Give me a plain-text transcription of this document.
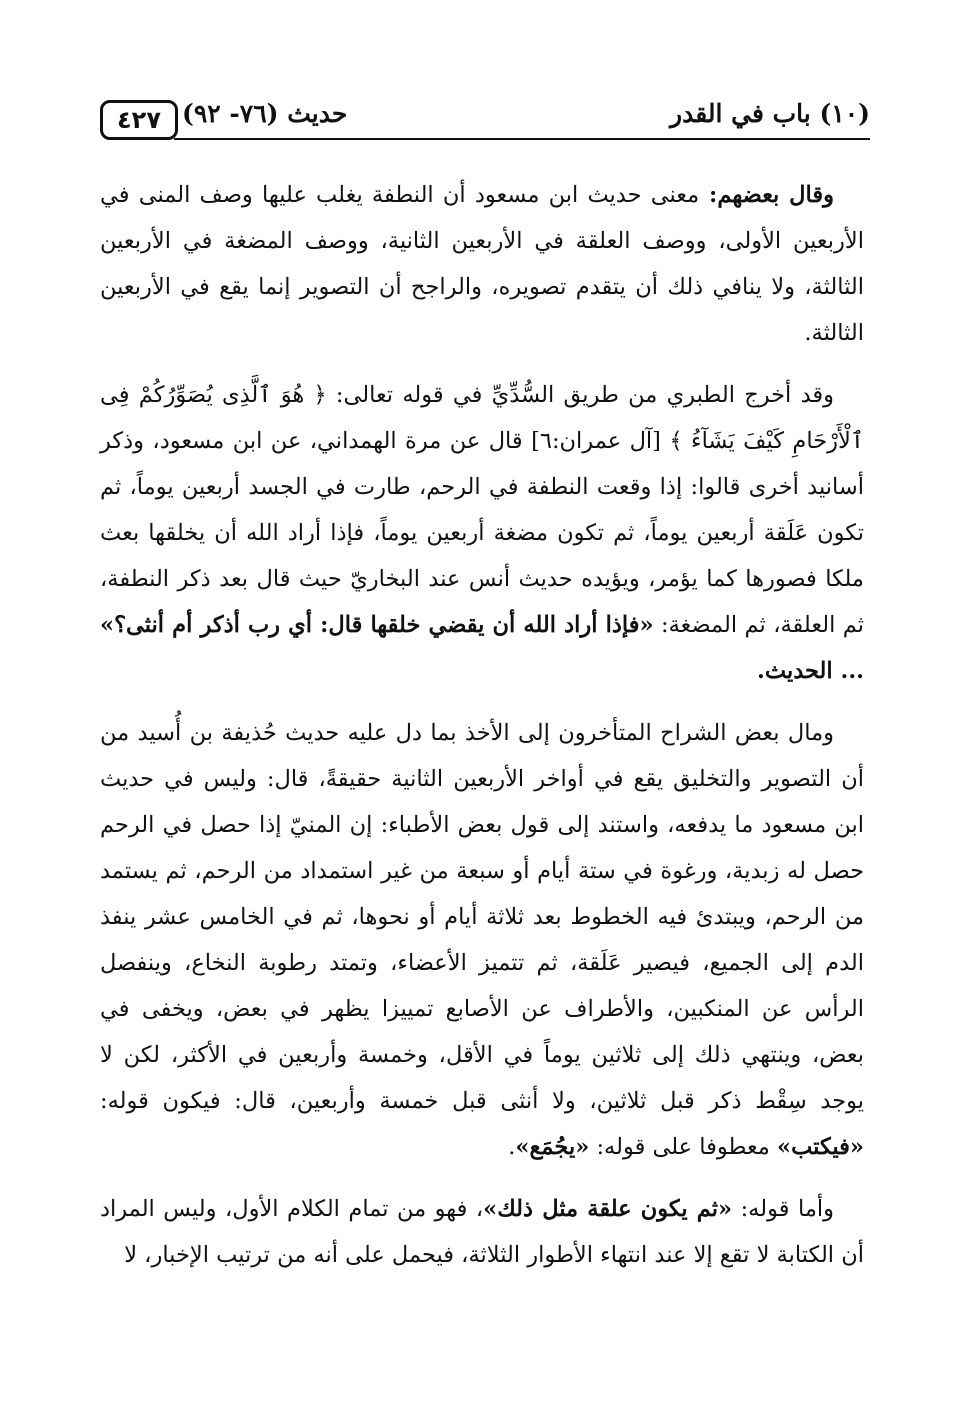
٤٢٧ حديث (٧٦- ٩٢)	(١٠) باب في القدر

وقال بعضهم: معنى حديث ابن مسعود أن النطفة يغلب عليها وصف المنى في الأربعين الأولى، ووصف العلقة في الأربعين الثانية، ووصف المضغة في الأربعين الثالثة، ولا ينافي ذلك أن يتقدم تصويره، والراجح أن التصوير إنما يقع في الأربعين الثالثة.

وقد أخرج الطبري من طريق السُّدِّيِّ في قوله تعالى: ﴿ هُوَ ٱلَّذِى يُصَوِّرُكُمْ فِى ٱلْأَرْحَامِ كَيْفَ يَشَآءُ ﴾ [آل عمران:٦] قال عن مرة الهمداني، عن ابن مسعود، وذكر أسانيد أخرى قالوا: إذا وقعت النطفة في الرحم، طارت في الجسد أربعين يوماً، ثم تكون عَلَقة أربعين يوماً، ثم تكون مضغة أربعين يوماً، فإذا أراد الله أن يخلقها بعث ملكا فصورها كما يؤمر، ويؤيده حديث أنس عند البخاريّ حيث قال بعد ذكر النطفة، ثم العلقة، ثم المضغة: «فإذا أراد الله أن يقضي خلقها قال: أي رب أذكر أم أنثى؟» ... الحديث.

ومال بعض الشراح المتأخرون إلى الأخذ بما دل عليه حديث حُذيفة بن أُسيد من أن التصوير والتخليق يقع في أواخر الأربعين الثانية حقيقةً، قال: وليس في حديث ابن مسعود ما يدفعه، واستند إلى قول بعض الأطباء: إن المنيّ إذا حصل في الرحم حصل له زبدية، ورغوة في ستة أيام أو سبعة من غير استمداد من الرحم، ثم يستمد من الرحم، ويبتدئ فيه الخطوط بعد ثلاثة أيام أو نحوها، ثم في الخامس عشر ينفذ الدم إلى الجميع، فيصير عَلَقة، ثم تتميز الأعضاء، وتمتد رطوبة النخاع، وينفصل الرأس عن المنكبين، والأطراف عن الأصابع تمييزا يظهر في بعض، ويخفى في بعض، وينتهي ذلك إلى ثلاثين يوماً في الأقل، وخمسة وأربعين في الأكثر، لكن لا يوجد سِقْط ذكر قبل ثلاثين، ولا أنثى قبل خمسة وأربعين، قال: فيكون قوله: «فيكتب» معطوفا على قوله: «يجُمَع».

وأما قوله: «ثم يكون علقة مثل ذلك»، فهو من تمام الكلام الأول، وليس المراد أن الكتابة لا تقع إلا عند انتهاء الأطوار الثلاثة، فيحمل على أنه من ترتيب الإخبار، لا
